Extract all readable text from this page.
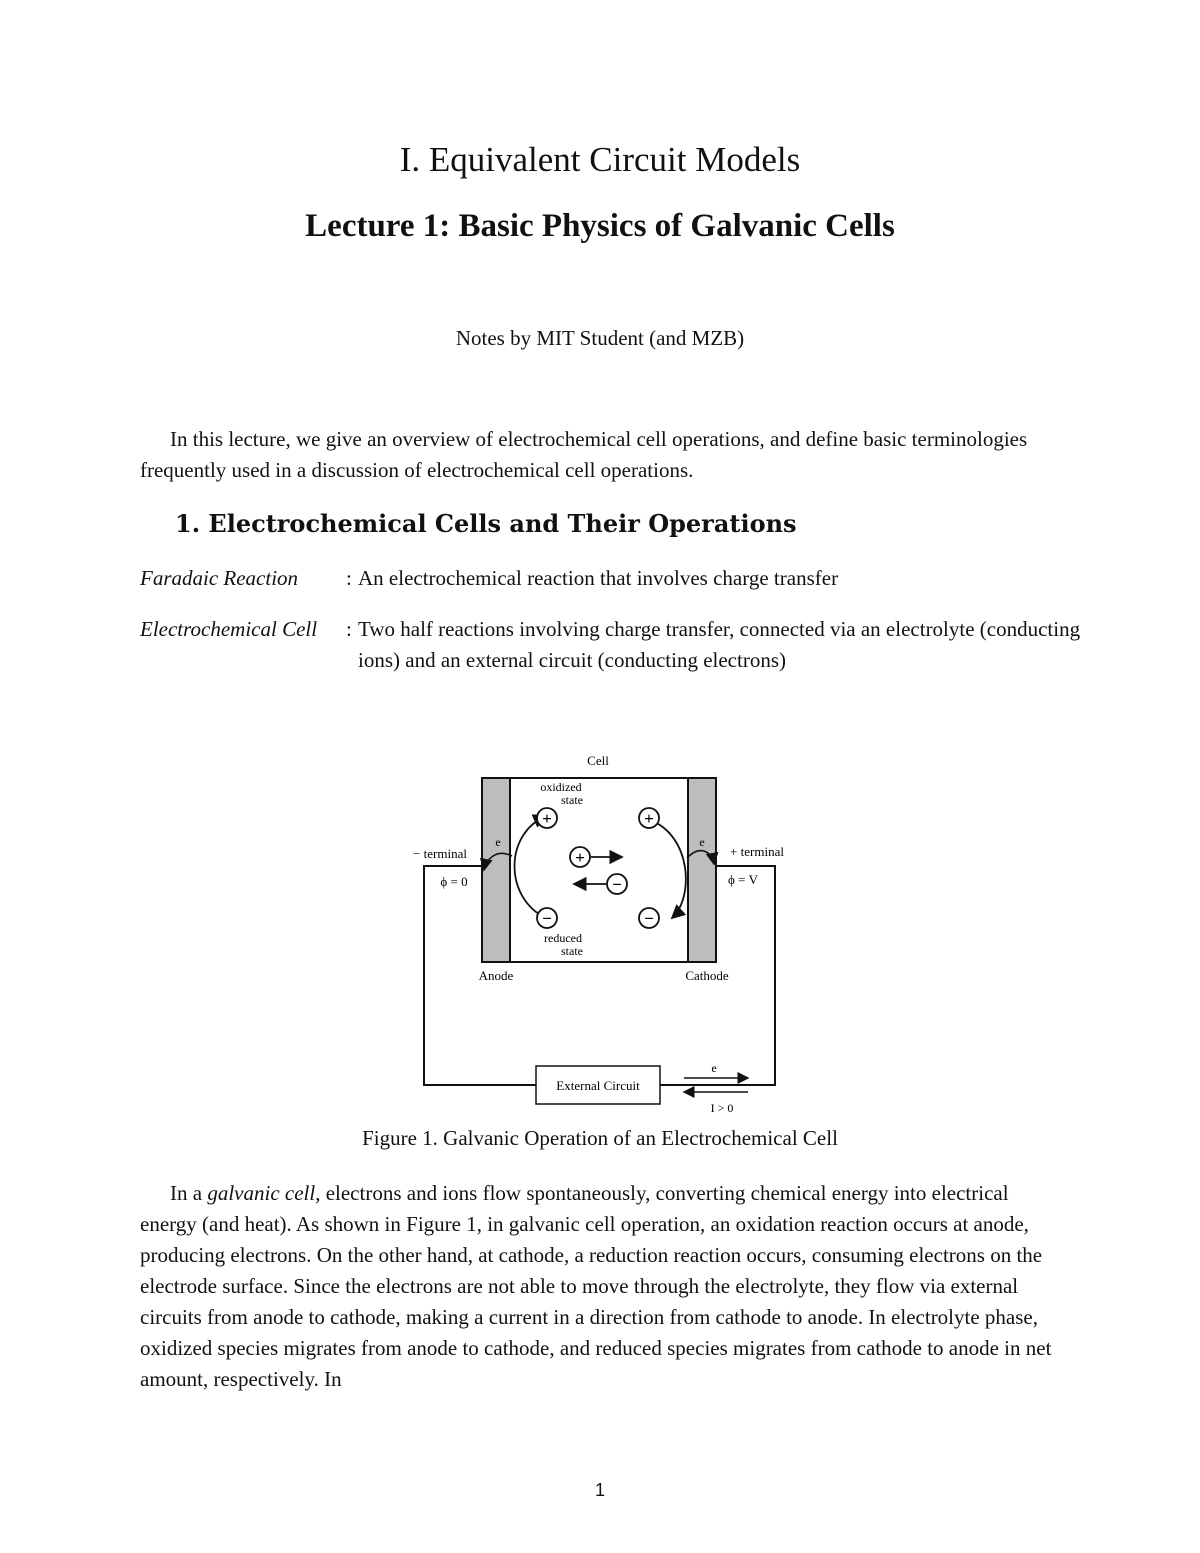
I. Equivalent Circuit Models
Lecture 1: Basic Physics of Galvanic Cells
Notes by MIT Student (and MZB)

In this lecture, we give an overview of electrochemical cell operations, and define basic terminologies frequently used in a discussion of electrochemical cell operations.

1. Electrochemical Cells and Their Operations
Faradaic Reaction : An electrochemical reaction that involves charge transfer
Electrochemical Cell : Two half reactions involving charge transfer, connected via an electrolyte (conducting ions) and an external circuit (conducting electrons)
Cell
External Circuit
e
I > 0
− terminal
ϕ = 0
+ terminal
ϕ = V
Anode	Cathode
oxidized
state
reduced
state
e	e
+	+
−	−
+
−
Figure 1. Galvanic Operation of an Electrochemical Cell

In a galvanic cell, electrons and ions flow spontaneously, converting chemical energy into electrical energy (and heat). As shown in Figure 1, in galvanic cell operation, an oxidation reaction occurs at anode, producing electrons. On the other hand, at cathode, a reduction reaction occurs, consuming electrons on the electrode surface. Since the electrons are not able to move through the electrolyte, they flow via external circuits from anode to cathode, making a current in a direction from cathode to anode. In electrolyte phase, oxidized species migrates from anode to cathode, and reduced species migrates from cathode to anode in net amount, respectively. In

1
